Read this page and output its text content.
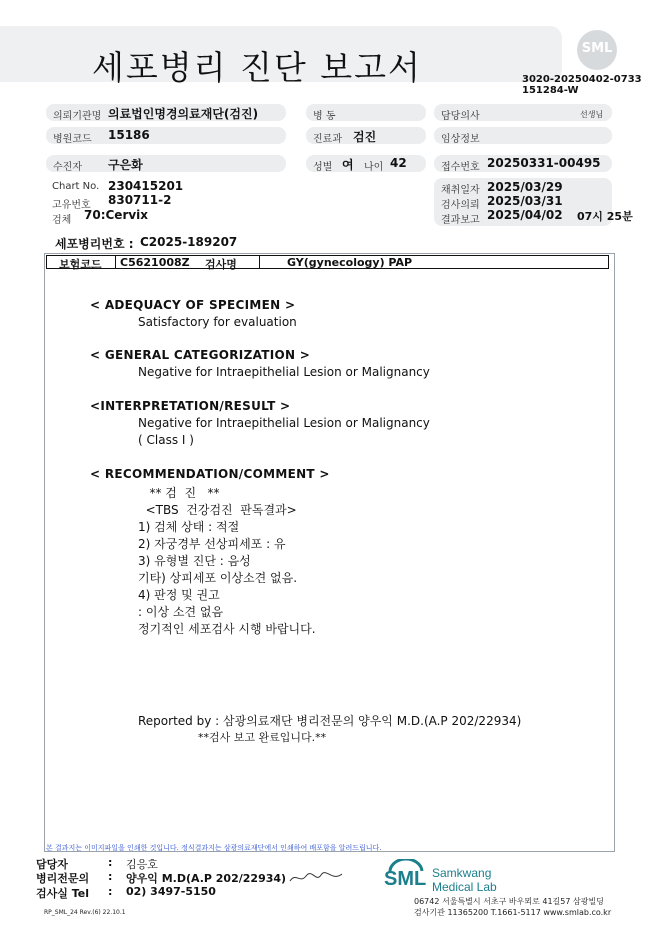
세포병리 진단 보고서	SML
3020-20250402-0733
151284-W
의뢰기관명 의료법인명경의료재단(검진)	병 동	담당의사	선생님
병원코드 15186	진료과 검진	임상정보
수진자 구은화	성별 여 나이 42	접수번호 20250331-00495
Chart No. 230415201
고유번호 830711-2
검체 70:Cervix
채취일자 2025/03/29
검사의뢰 2025/03/31
결과보고 2025/04/02 07시 25분
세포병리번호 : C2025-189207
보험코드 C5621008Z 검사명	GY(gynecology) PAP
< ADEQUACY OF SPECIMEN >
Satisfactory for evaluation
< GENERAL CATEGORIZATION >
Negative for Intraepithelial Lesion or Malignancy
<INTERPRETATION/RESULT >
Negative for Intraepithelial Lesion or Malignancy
( Class I )
< RECOMMENDATION/COMMENT >
** 검  진   **
<TBS  건강검진  판독결과>
1) 검체 상태 : 적절
2) 자궁경부 선상피세포 : 유
3) 유형별 진단 : 음성
기타) 상피세포 이상소견 없음.
4) 판정 및 권고
: 이상 소견 없음
정기적인 세포검사 시행 바랍니다.
Reported by : 삼광의료재단 병리전문의 양우익 M.D.(A.P 202/22934)
**검사 보고 완료입니다.**
본 결과지는 이미지파일을 인쇄한 것입니다. 정식결과지는 삼광의료재단에서 인쇄하여 배포함을 알려드립니다.
담당자	: 김응호
병리전문의 : 양우익 M.D(A.P 202/22934)
검사실 Tel : 02) 3497-5150
SML Samkwang
Medical Lab
06742 서울특별시 서초구 바우뫼로 41길57 삼광빌딩
검사기관 11365200 T.1661-5117 www.smlab.co.kr
RP_SML_24 Rev.(6) 22.10.1
